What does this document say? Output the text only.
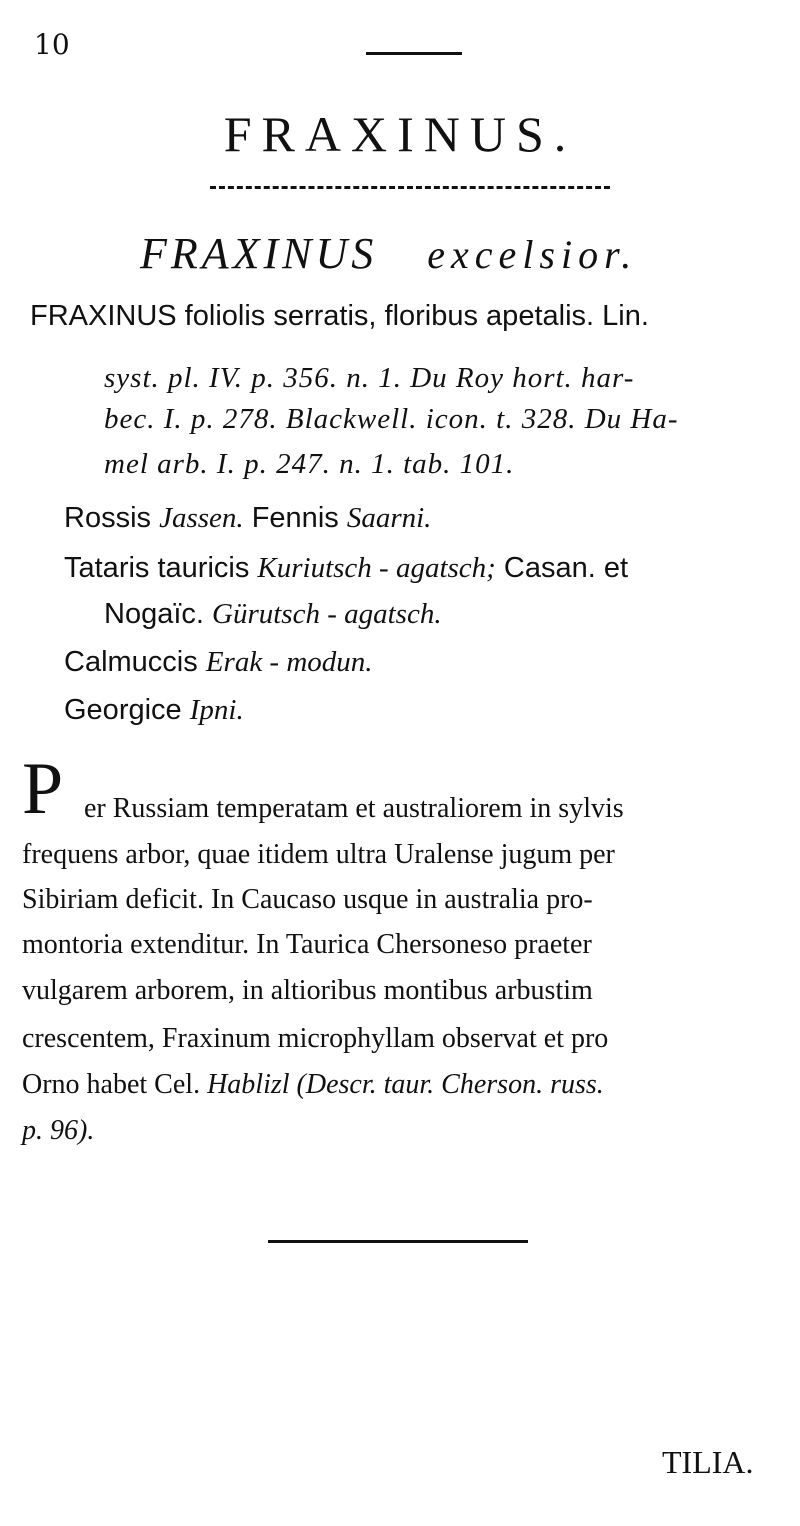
10
FRAXINUS.
FRAXINUS excelsior.
FRAXINUS foliolis serratis, floribus apetalis. Lin.
syst. pl. IV. p. 356. n. 1. Du Roy hort. har-
bec. I. p. 278. Blackwell. icon. t. 328. Du Ha-
mel arb. I. p. 247. n. 1. tab. 101.
Rossis Jassen. Fennis Saarni.
Tataris tauricis Kuriutsch - agatsch; Casan. et
Nogaïc. Gürutsch - agatsch.
Calmuccis Erak - modun.
Georgice Ipni.
P er Russiam temperatam et australiorem in sylvis
frequens arbor, quae itidem ultra Uralense jugum per
Sibiriam deficit. In Caucaso usque in australia pro-
montoria extenditur. In Taurica Chersoneso praeter
vulgarem arborem, in altioribus montibus arbustim
crescentem, Fraxinum microphyllam observat et pro
Orno habet Cel. Hablizl (Descr. taur. Cherson. russ.
p. 96).
TILIA.
